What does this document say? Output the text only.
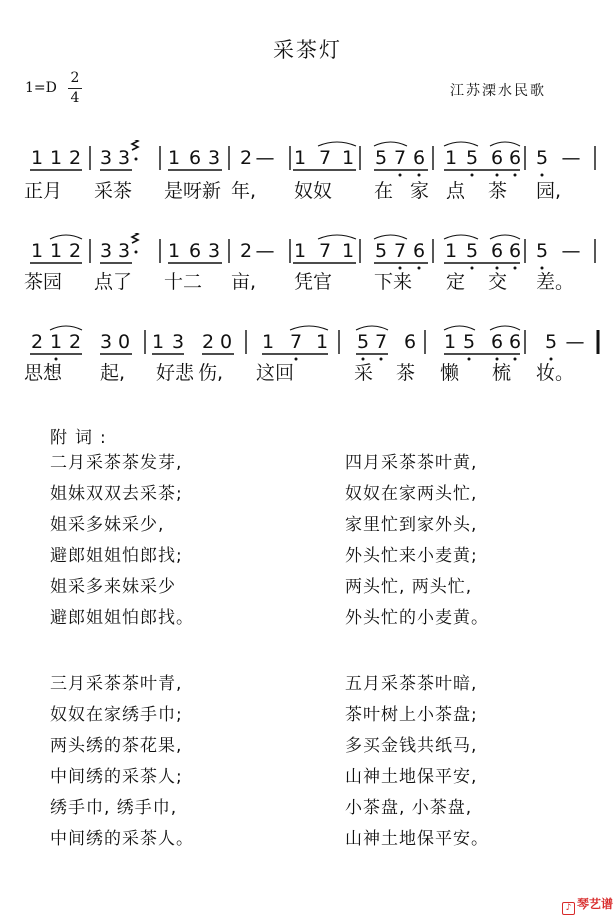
采茶灯
1=D
2
4	江苏溧水民歌
1 1 2 3 3 1 6 3 2 — 1 7 1 5 7 6 1 5 6 6 5 —
正月 采茶 是呀新 年, 奴奴 在 家 点 茶 园,
1 1 2 3 3 1 6 3 2 — 1 7 1 5 7 6 1 5 6 6 5 —
茶园 点了 十二 亩, 凭官 下来 定 交 差。
2 1 2 3 0 1 3 2 0 1 7 1 5 7 6 1 5 6 6 5 —
思想 起, 好悲 伤, 这回	采 茶 懒 梳 妆。
附词:
二月采茶茶发芽,
姐妹双双去采茶;
姐采多妹采少,
避郎姐姐怕郎找;
姐采多来妹采少
避郎姐姐怕郎找。
四月采茶茶叶黄,
奴奴在家两头忙,
家里忙到家外头,
外头忙来小麦黄;
两头忙, 两头忙,
外头忙的小麦黄。
三月采茶茶叶青,
奴奴在家绣手巾;
两头绣的茶花果,
中间绣的采茶人;
绣手巾, 绣手巾,
中间绣的采茶人。
五月采茶茶叶暗,
茶叶树上小茶盘;
多买金钱共纸马,
山神土地保平安,
小茶盘, 小茶盘,
山神土地保平安。
♪ 琴艺谱
